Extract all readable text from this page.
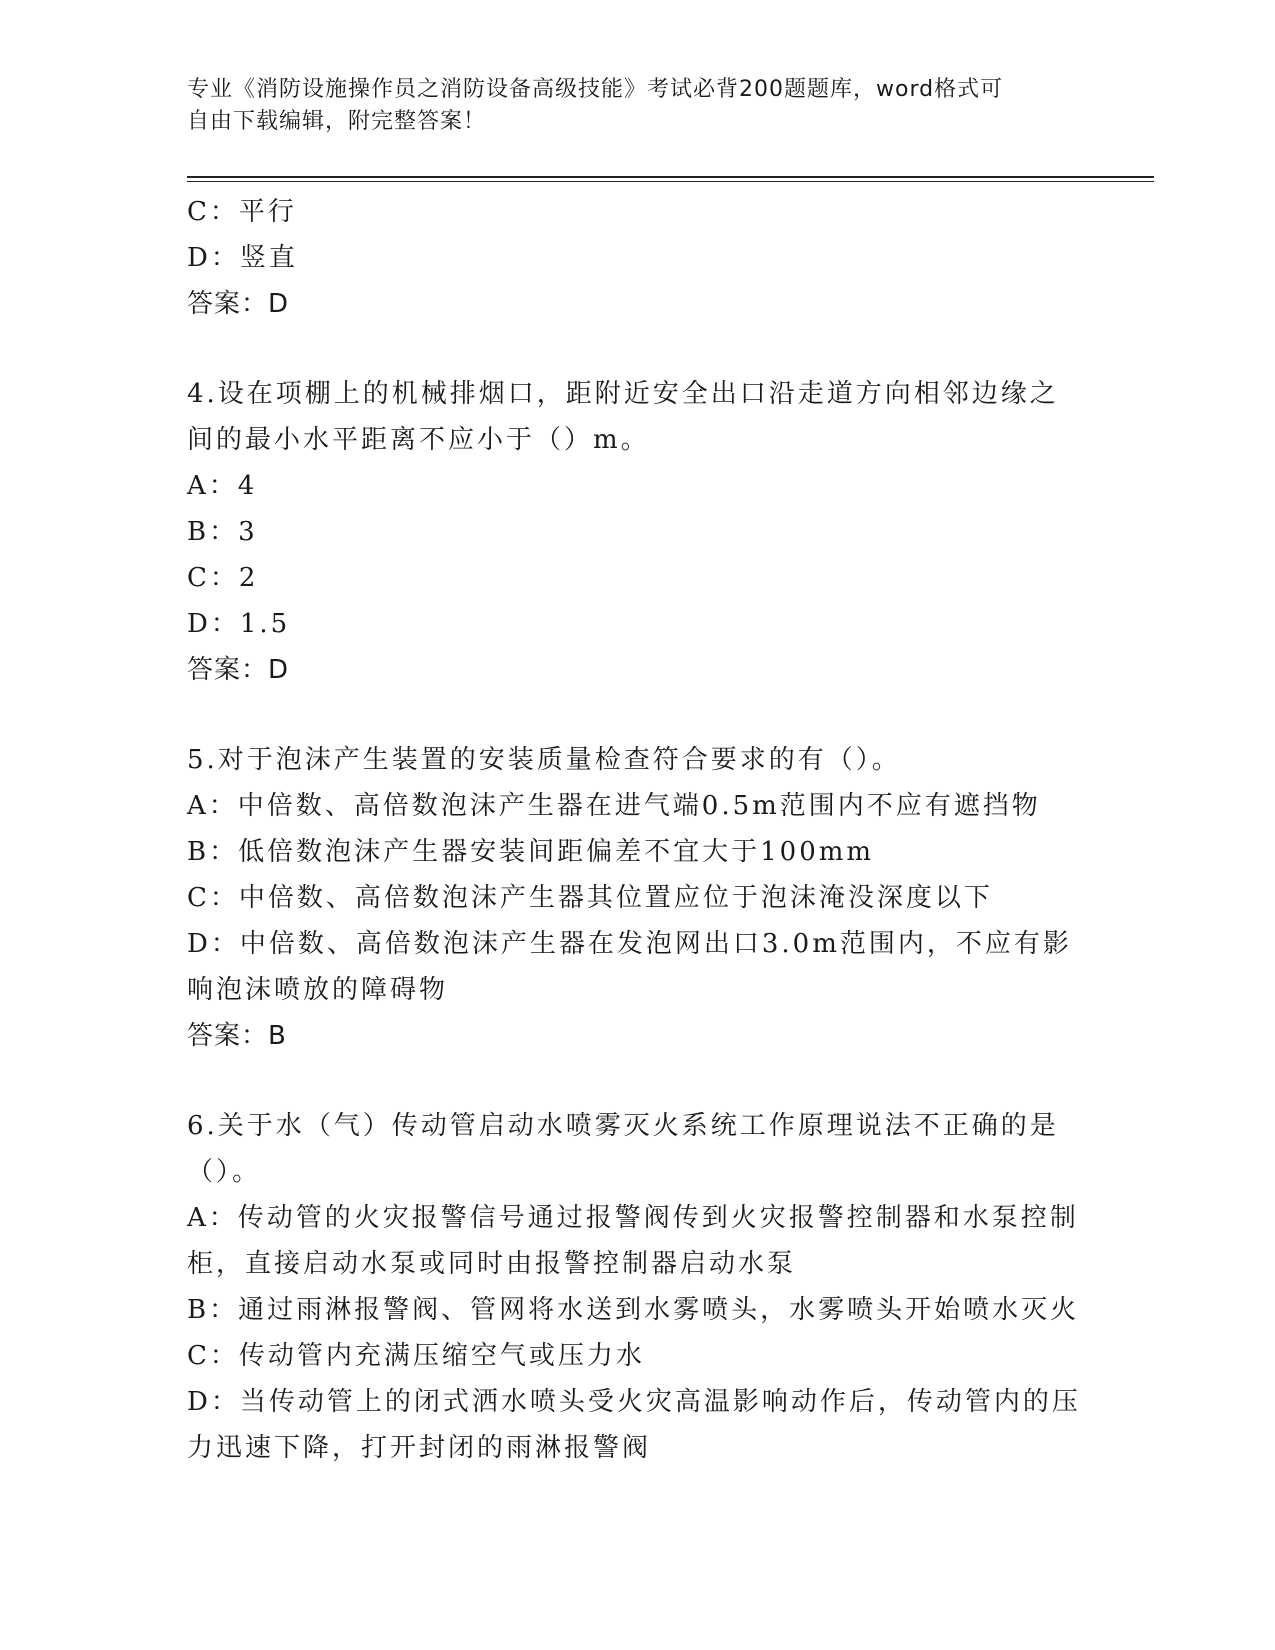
专业《消防设施操作员之消防设备高级技能》考试必背200题题库，word格式可
自由下载编辑，附完整答案！
C：平行
D：竖直
答案：D
4.设在项棚上的机械排烟口，距附近安全出口沿走道方向相邻边缘之
间的最小水平距离不应小于（）m。
A：4
B：3
C：2
D：1.5
答案：D
5.对于泡沫产生装置的安装质量检查符合要求的有（）。
A：中倍数、高倍数泡沫产生器在进气端0.5m范围内不应有遮挡物
B：低倍数泡沫产生器安装间距偏差不宜大于100mm
C：中倍数、高倍数泡沫产生器其位置应位于泡沫淹没深度以下
D：中倍数、高倍数泡沫产生器在发泡网出口3.0m范围内，不应有影
响泡沫喷放的障碍物
答案：B
6.关于水（气）传动管启动水喷雾灭火系统工作原理说法不正确的是
（）。
A：传动管的火灾报警信号通过报警阀传到火灾报警控制器和水泵控制
柜，直接启动水泵或同时由报警控制器启动水泵
B：通过雨淋报警阀、管网将水送到水雾喷头，水雾喷头开始喷水灭火
C：传动管内充满压缩空气或压力水
D：当传动管上的闭式洒水喷头受火灾高温影响动作后，传动管内的压
力迅速下降，打开封闭的雨淋报警阀
